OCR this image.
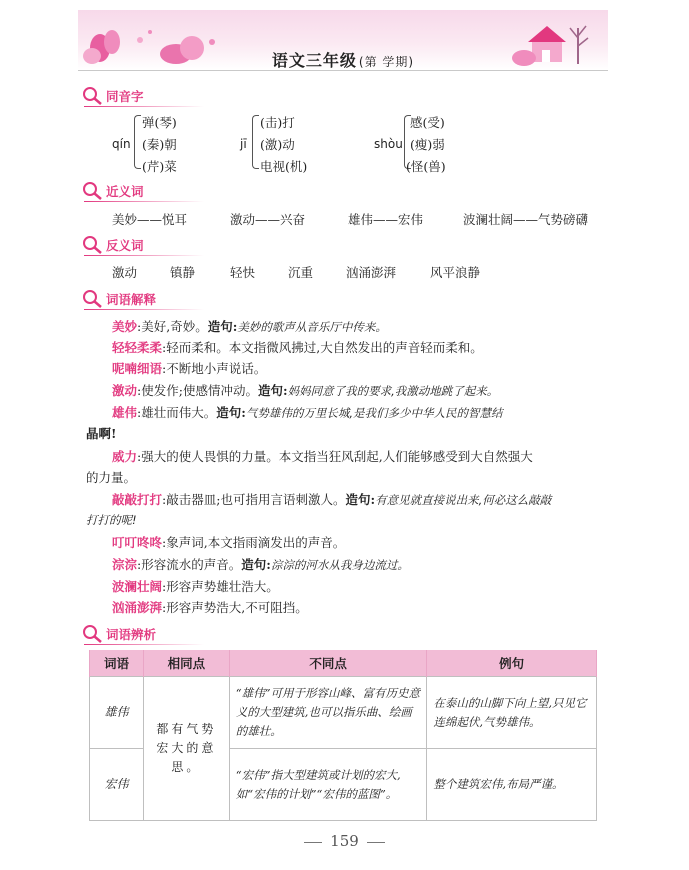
语文三年级 (第 学期)
同音字
qín
弹(琴)
(秦)朝
(芹)菜
jī
(击)打
(激)动
电视(机)
shòu
感(受)
(瘦)弱
(怪(兽)
近义词
美妙——悦耳	激动——兴奋	雄伟——宏伟	波澜壮阔——气势磅礴
反义词
激动	镇静	轻快	沉重	汹涌澎湃	风平浪静
词语解释
美妙:美好,奇妙。造句:美妙的歌声从音乐厅中传来。
轻轻柔柔:轻而柔和。本文指微风拂过,大自然发出的声音轻而柔和。
呢喃细语:不断地小声说话。
激动:使发作;使感情冲动。造句:妈妈同意了我的要求,我激动地跳了起来。
雄伟:雄壮而伟大。造句:气势雄伟的万里长城,是我们多少中华人民的智慧结
晶啊!
威力:强大的使人畏惧的力量。本文指当狂风刮起,人们能够感受到大自然强大
的力量。
敲敲打打:敲击器皿;也可指用言语刺激人。造句:有意见就直接说出来,何必这么敲敲
打打的呢!
叮叮咚咚:象声词,本文指雨滴发出的声音。
淙淙:形容流水的声音。造句:淙淙的河水从我身边流过。
波澜壮阔:形容声势雄壮浩大。
汹涌澎湃:形容声势浩大,不可阻挡。
词语辨析
词语	相同点	不同点	例句
雄伟	都有气势宏大的意思。	“雄伟”可用于形容山峰、富有历史意义的大型建筑,也可以指乐曲、绘画的雄壮。	在泰山的山脚下向上望,只见它连绵起伏,气势雄伟。
宏伟		“宏伟”指大型建筑或计划的宏大,如“宏伟的计划”“宏伟的蓝图”。	整个建筑宏伟,布局严谨。
159
